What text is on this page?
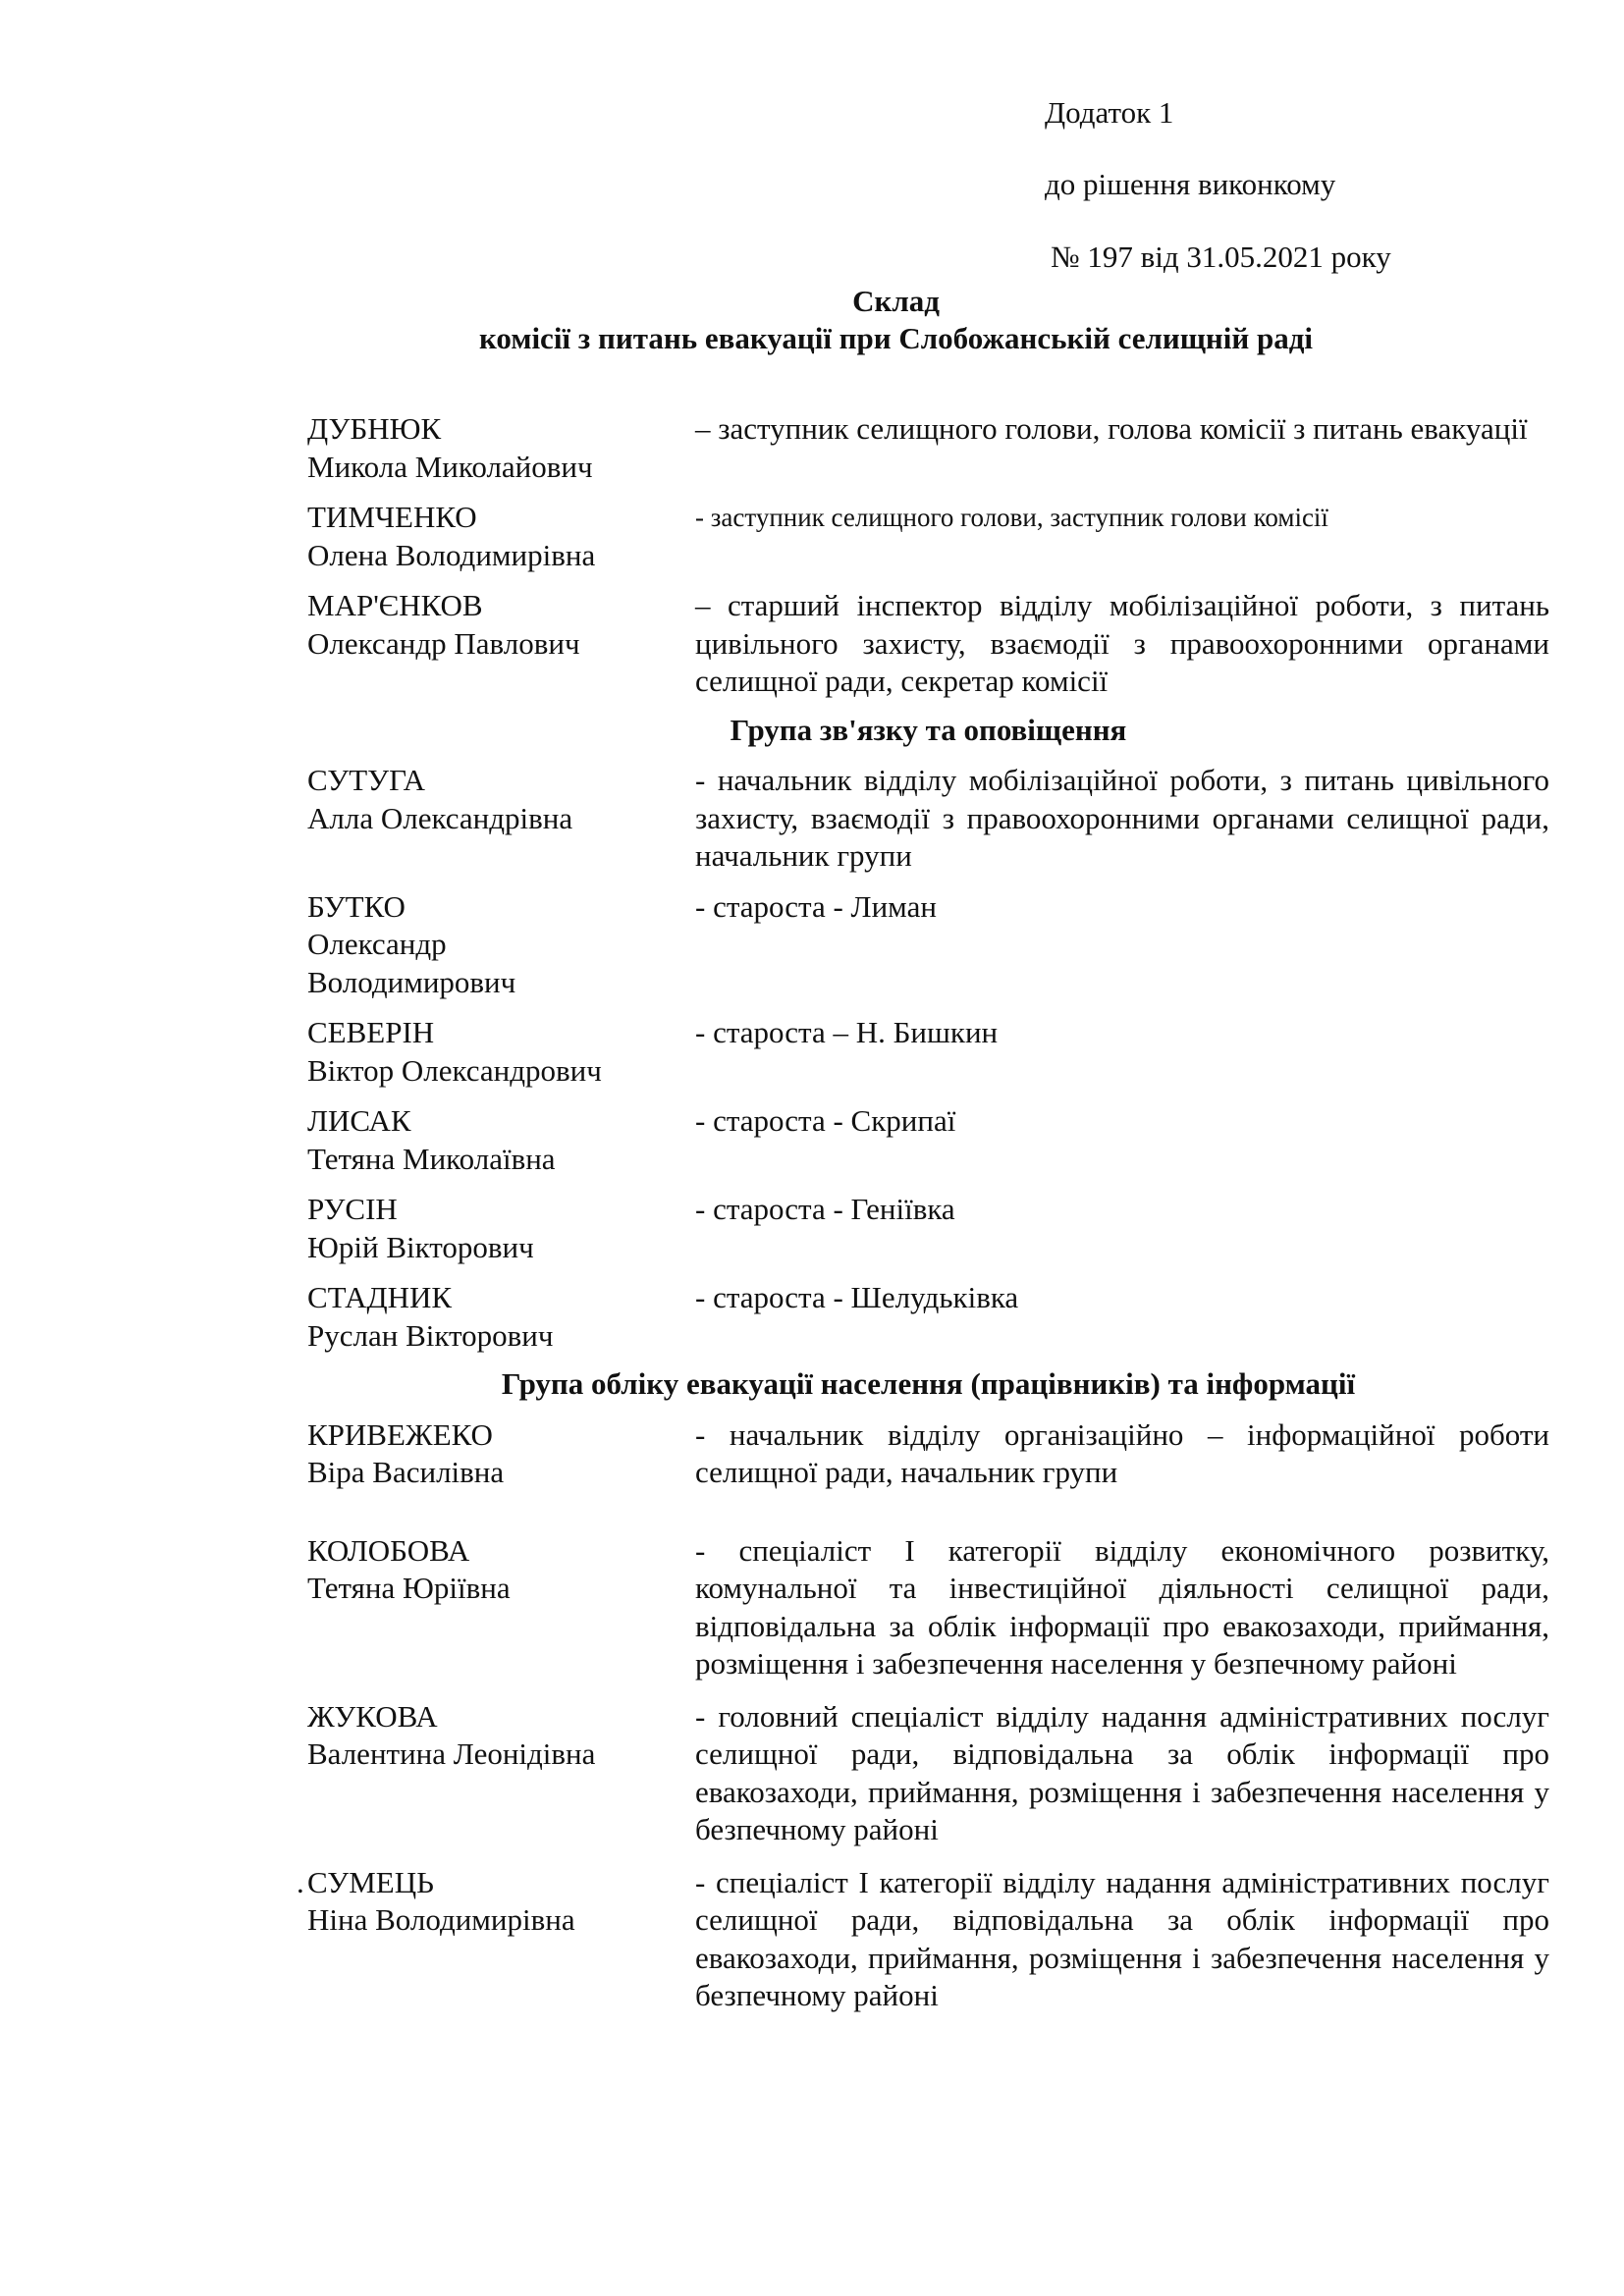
Додаток 1
до рішення виконкому
№ 197 від 31.05.2021 року
Склад
комісії з питань евакуації при Слобожанській селищній раді
ДУБНЮК
Микола Миколайович
– заступник селищного голови, голова комісії з питань евакуації
ТИМЧЕНКО
Олена Володимирівна
- заступник селищного голови, заступник голови комісії
МАР'ЄНКОВ
Олександр Павлович
– старший інспектор відділу мобілізаційної роботи, з питань цивільного захисту, взаємодії з правоохоронними органами селищної ради, секретар комісії
Група зв'язку та оповіщення
СУТУГА
Алла Олександрівна
- начальник відділу мобілізаційної роботи, з питань цивільного захисту, взаємодії з правоохоронними органами селищної ради, начальник групи
БУТКО
Олександр
Володимирович
- староста - Лиман
СЕВЕРІН
Віктор Олександрович
- староста – Н. Бишкин
ЛИСАК
Тетяна Миколаївна
- староста - Скрипаї
РУСІН
Юрій Вікторович
- староста - Геніївка
СТАДНИК
Руслан Вікторович
- староста - Шелудьківка
Група обліку евакуації населення (працівників) та інформації
КРИВЕЖЕКО
Віра Василівна
- начальник відділу організаційно – інформаційної роботи селищної ради, начальник групи
КОЛОБОВА
Тетяна Юріївна
- спеціаліст І категорії відділу економічного розвитку, комунальної та інвестиційної діяльності селищної ради, відповідальна за облік інформації про евакозаходи, приймання, розміщення і забезпечення населення у безпечному районі
ЖУКОВА
Валентина Леонідівна
- головний спеціаліст відділу надання адміністративних послуг селищної ради, відповідальна за облік інформації про евакозаходи, приймання, розміщення і забезпечення населення у безпечному районі
. СУМЕЦЬ
Ніна Володимирівна
- спеціаліст І категорії відділу надання адміністративних послуг селищної ради, відповідальна за облік інформації про евакозаходи, приймання, розміщення і забезпечення населення у безпечному районі
